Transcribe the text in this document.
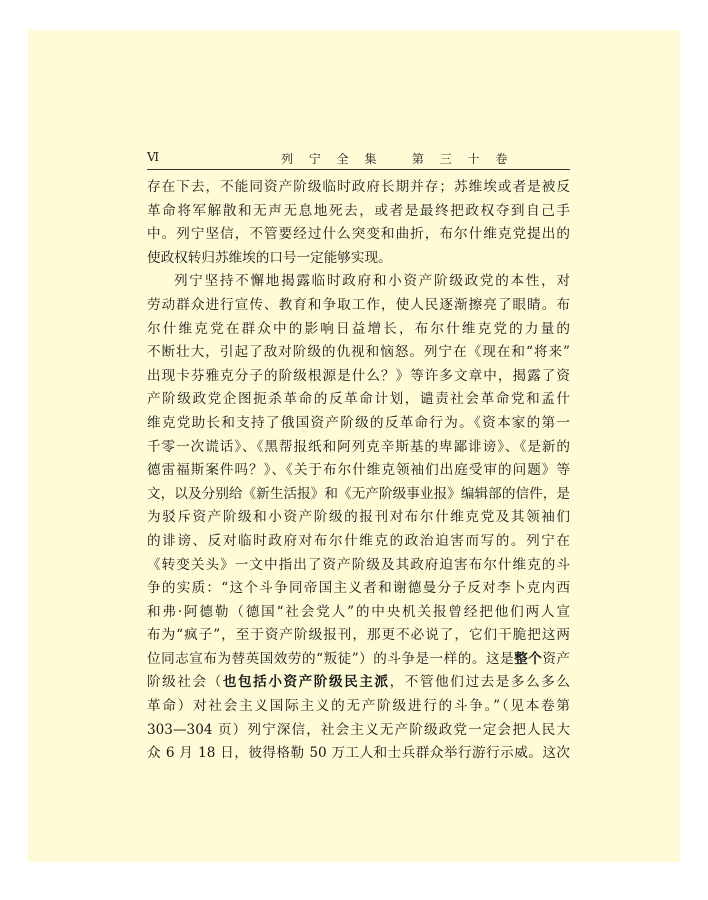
Ⅵ	列 宁 全 集   第 三 十 卷
存在下去，不能同资产阶级临时政府长期并存；苏维埃或者是被反
革命将军解散和无声无息地死去，或者是最终把政权夺到自己手
中。列宁坚信，不管要经过什么突变和曲折，布尔什维克党提出的
使政权转归苏维埃的口号一定能够实现。
列宁坚持不懈地揭露临时政府和小资产阶级政党的本性，对
劳动群众进行宣传、教育和争取工作，使人民逐渐擦亮了眼睛。布
尔什维克党在群众中的影响日益增长，布尔什维克党的力量的
不断壮大，引起了敌对阶级的仇视和恼怒。列宁在《现在和“将来”
出现卡芬雅克分子的阶级根源是什么？》等许多文章中，揭露了资
产阶级政党企图扼杀革命的反革命计划，谴责社会革命党和孟什
维克党助长和支持了俄国资产阶级的反革命行为。《资本家的第一
千零一次谎话》、《黑帮报纸和阿列克辛斯基的卑鄙诽谤》、《是新的
德雷福斯案件吗？》、《关于布尔什维克领袖们出庭受审的问题》等
文，以及分别给《新生活报》和《无产阶级事业报》编辑部的信件，是
为驳斥资产阶级和小资产阶级的报刊对布尔什维克党及其领袖们
的诽谤、反对临时政府对布尔什维克的政治迫害而写的。列宁在
《转变关头》一文中指出了资产阶级及其政府迫害布尔什维克的斗
争的实质：“这个斗争同帝国主义者和谢德曼分子反对李卜克内西
和弗·阿德勒（德国“社会党人”的中央机关报曾经把他们两人宣
布为“疯子”，至于资产阶级报刊，那更不必说了，它们干脆把这两
位同志宣布为替英国效劳的“叛徒”）的斗争是一样的。这是整个资产
阶级社会（也包括小资产阶级民主派，不管他们过去是多么多么
革命）对社会主义国际主义的无产阶级进行的斗争。”（见本卷第
303—304 页）列宁深信，社会主义无产阶级政党一定会把人民大
众 6 月 18 日，彼得格勒 50 万工人和士兵群众举行游行示威。这次
